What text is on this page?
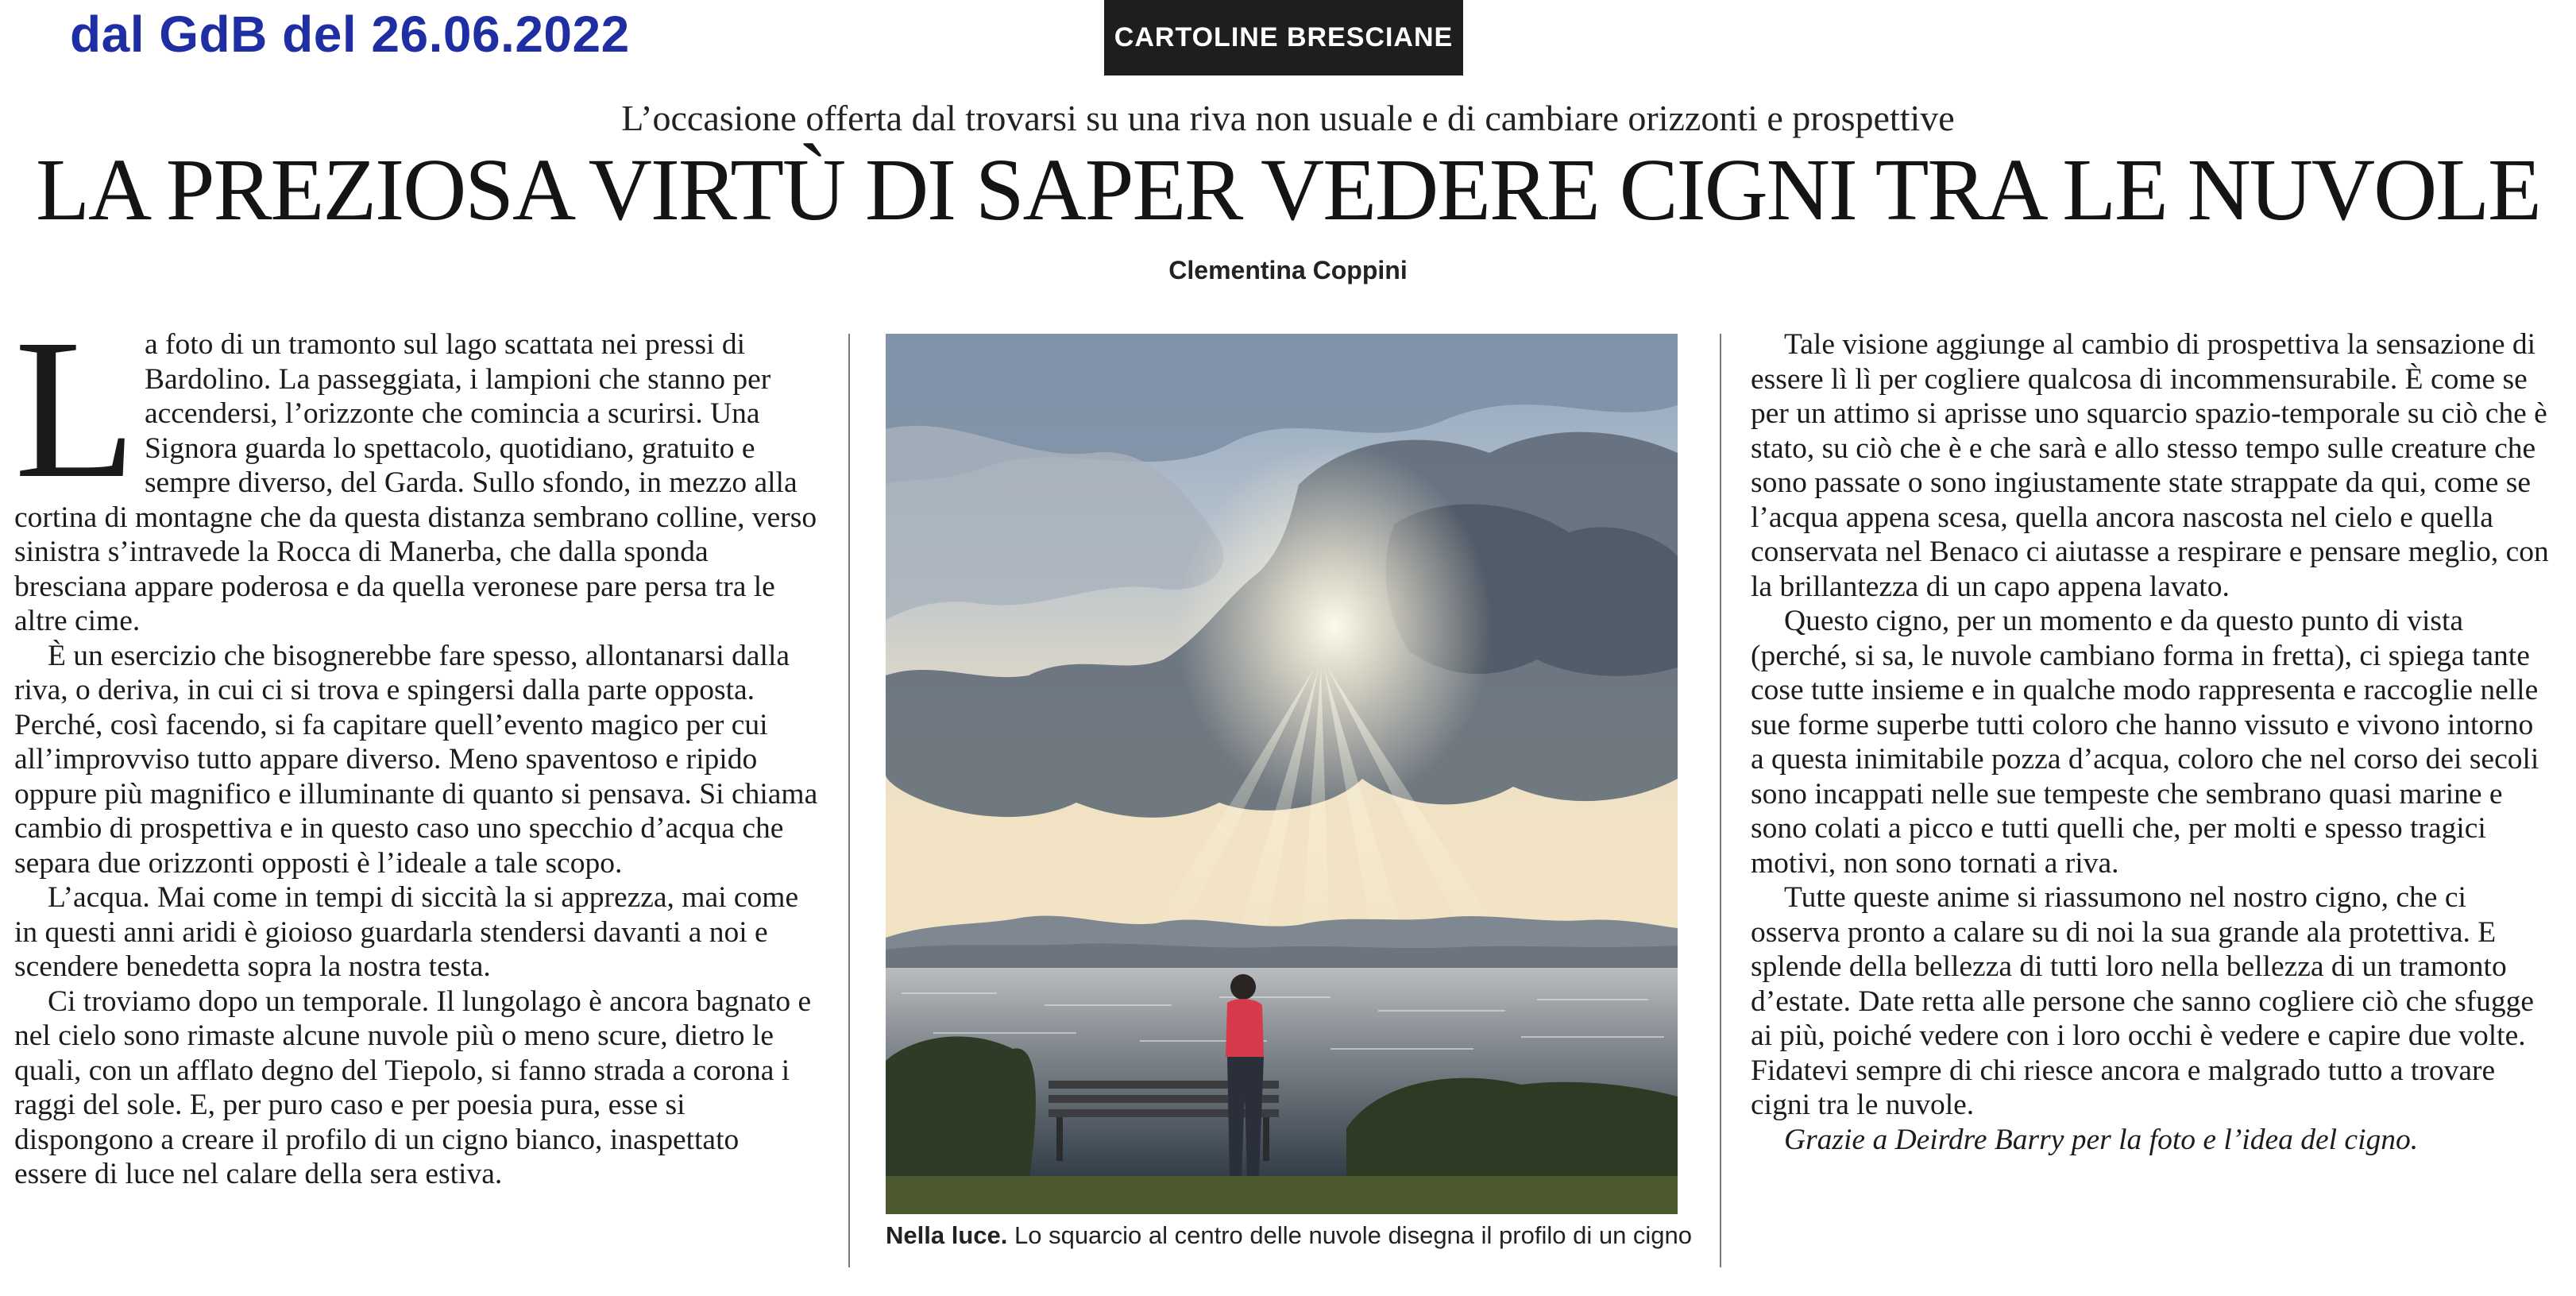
dal GdB del 26.06.2022	CARTOLINE BRESCIANE
L’occasione offerta dal trovarsi su una riva non usuale e di cambiare orizzonti e prospettive
LA PREZIOSA VIRTÙ DI SAPER VEDERE CIGNI TRA LE NUVOLE
Clementina Coppini

La foto di un tramonto sul lago scattata nei pressi di Bardolino. La passeggiata, i lampioni che stanno per accendersi, l’orizzonte che comincia a scurirsi. Una Signora guarda lo spettacolo, quotidiano, gratuito e sempre diverso, del Garda. Sullo sfondo, in mezzo alla cortina di montagne che da questa distanza sembrano colline, verso sinistra s’intravede la Rocca di Manerba, che dalla sponda bresciana appare poderosa e da quella veronese pare persa tra le altre cime.

È un esercizio che bisognerebbe fare spesso, allontanarsi dalla riva, o deriva, in cui ci si trova e spingersi dalla parte opposta. Perché, così facendo, si fa capitare quell’evento magico per cui all’improvviso tutto appare diverso. Meno spaventoso e ripido oppure più magnifico e illuminante di quanto si pensava. Si chiama cambio di prospettiva e in questo caso uno specchio d’acqua che separa due orizzonti opposti è l’ideale a tale scopo.

L’acqua. Mai come in tempi di siccità la si apprezza, mai come in questi anni aridi è gioioso guardarla stendersi davanti a noi e scendere benedetta sopra la nostra testa.

Ci troviamo dopo un temporale. Il lungolago è ancora bagnato e nel cielo sono rimaste alcune nuvole più o meno scure, dietro le quali, con un afflato degno del Tiepolo, si fanno strada a corona i raggi del sole. E, per puro caso e per poesia pura, esse si dispongono a creare il profilo di un cigno bianco, inaspettato essere di luce nel calare della sera estiva.

Nella luce. Lo squarcio al centro delle nuvole disegna il profilo di un cigno

Tale visione aggiunge al cambio di prospettiva la sensazione di essere lì lì per cogliere qualcosa di incommensurabile. È come se per un attimo si aprisse uno squarcio spazio-temporale su ciò che è stato, su ciò che è e che sarà e allo stesso tempo sulle creature che sono passate o sono ingiustamente state strappate da qui, come se l’acqua appena scesa, quella ancora nascosta nel cielo e quella conservata nel Benaco ci aiutasse a respirare e pensare meglio, con la brillantezza di un capo appena lavato.

Questo cigno, per un momento e da questo punto di vista (perché, si sa, le nuvole cambiano forma in fretta), ci spiega tante cose tutte insieme e in qualche modo rappresenta e raccoglie nelle sue forme superbe tutti coloro che hanno vissuto e vivono intorno a questa inimitabile pozza d’acqua, coloro che nel corso dei secoli sono incappati nelle sue tempeste che sembrano quasi marine e sono colati a picco e tutti quelli che, per molti e spesso tragici motivi, non sono tornati a riva.

Tutte queste anime si riassumono nel nostro cigno, che ci osserva pronto a calare su di noi la sua grande ala protettiva. E splende della bellezza di tutti loro nella bellezza di un tramonto d’estate. Date retta alle persone che sanno cogliere ciò che sfugge ai più, poiché vedere con i loro occhi è vedere e capire due volte. Fidatevi sempre di chi riesce ancora e malgrado tutto a trovare cigni tra le nuvole.

Grazie a Deirdre Barry per la foto e l’idea del cigno.
